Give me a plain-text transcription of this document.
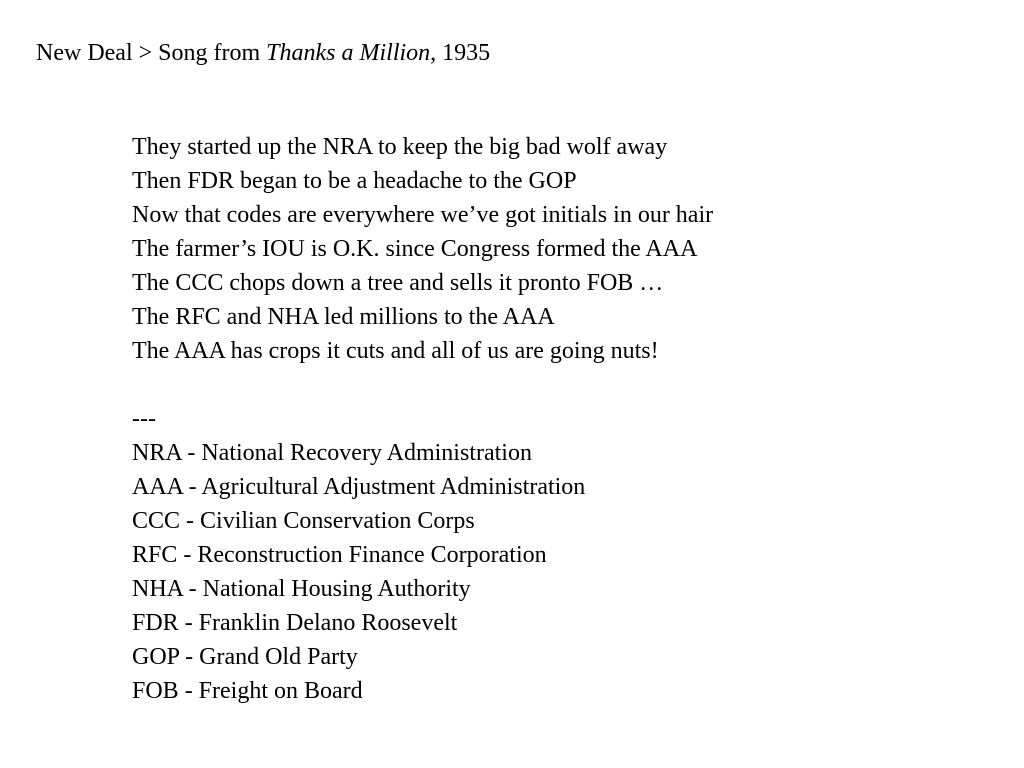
New Deal > Song from Thanks a Million, 1935
They started up the NRA to keep the big bad wolf away
Then FDR began to be a headache to the GOP
Now that codes are everywhere we’ve got initials in our hair
The farmer’s IOU is O.K. since Congress formed the AAA
The CCC chops down a tree and sells it pronto FOB …
The RFC and NHA led millions to the AAA
The AAA has crops it cuts and all of us are going nuts!
---
NRA - National Recovery Administration
AAA - Agricultural Adjustment Administration
CCC - Civilian Conservation Corps
RFC - Reconstruction Finance Corporation
NHA - National Housing Authority
FDR - Franklin Delano Roosevelt
GOP - Grand Old Party
FOB - Freight on Board
